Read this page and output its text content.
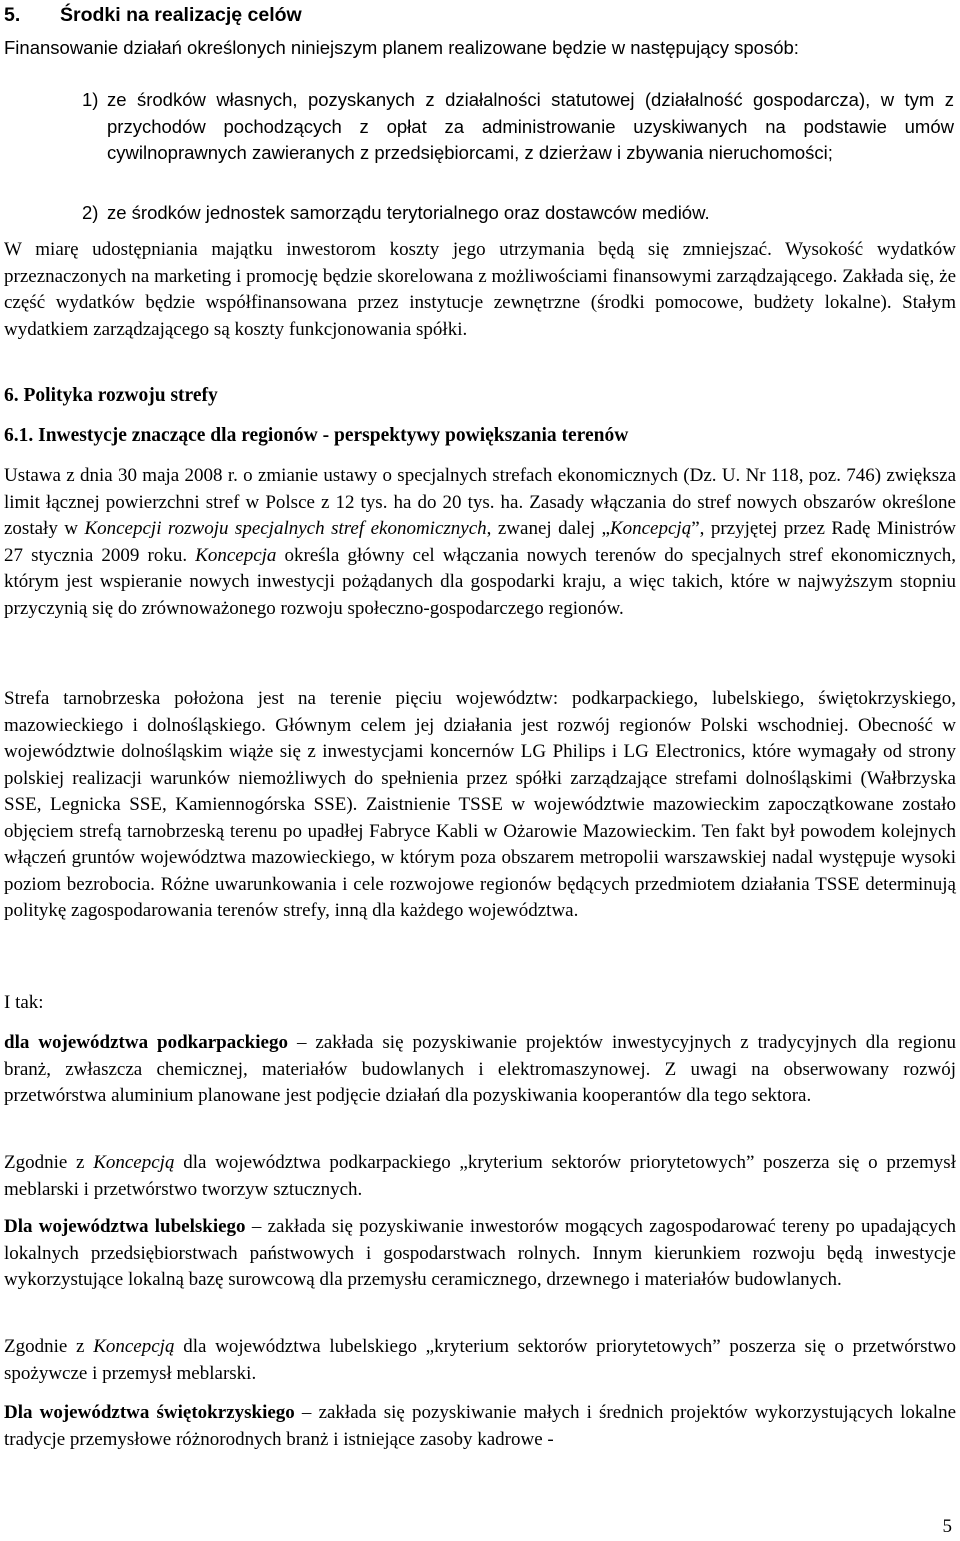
5. Środki na realizację celów
Finansowanie działań określonych niniejszym planem realizowane będzie w następujący sposób:
1) ze środków własnych, pozyskanych z działalności statutowej (działalność gospodarcza), w tym z przychodów pochodzących z opłat za administrowanie uzyskiwanych na podstawie umów cywilnoprawnych zawieranych z przedsiębiorcami, z dzierżaw i zbywania nieruchomości;
2) ze środków jednostek samorządu terytorialnego oraz dostawców mediów.
W miarę udostępniania majątku inwestorom koszty jego utrzymania będą się zmniejszać. Wysokość wydatków przeznaczonych na marketing i promocję będzie skorelowana z możliwościami finansowymi zarządzającego. Zakłada się, że część wydatków będzie współfinansowana przez instytucje zewnętrzne (środki pomocowe, budżety lokalne). Stałym wydatkiem zarządzającego są koszty funkcjonowania spółki.
6. Polityka rozwoju strefy
6.1. Inwestycje znaczące dla regionów - perspektywy powiększania terenów

Ustawa z dnia 30 maja 2008 r. o zmianie ustawy o specjalnych strefach ekonomicznych (Dz. U. Nr 118, poz. 746) zwiększa limit łącznej powierzchni stref w Polsce z 12 tys. ha do 20 tys. ha. Zasady włączania do stref nowych obszarów określone zostały w Koncepcji rozwoju specjalnych stref ekonomicznych, zwanej dalej „Koncepcją”, przyjętej przez Radę Ministrów 27 stycznia 2009 roku. Koncepcja określa główny cel włączania nowych terenów do specjalnych stref ekonomicznych, którym jest wspieranie nowych inwestycji pożądanych dla gospodarki kraju, a więc takich, które w najwyższym stopniu przyczynią się do zrównoważonego rozwoju społeczno-gospodarczego regionów.

Strefa tarnobrzeska położona jest na terenie pięciu województw: podkarpackiego, lubelskiego, świętokrzyskiego, mazowieckiego i dolnośląskiego. Głównym celem jej działania jest rozwój regionów Polski wschodniej. Obecność w województwie dolnośląskim wiąże się z inwestycjami koncernów LG Philips i LG Electronics, które wymagały od strony polskiej realizacji warunków niemożliwych do spełnienia przez spółki zarządzające strefami dolnośląskimi (Wałbrzyska SSE, Legnicka SSE, Kamiennogórska SSE). Zaistnienie TSSE w województwie mazowieckim zapoczątkowane zostało objęciem strefą tarnobrzeską terenu po upadłej Fabryce Kabli w Ożarowie Mazowieckim. Ten fakt był powodem kolejnych włączeń gruntów województwa mazowieckiego, w którym poza obszarem metropolii warszawskiej nadal występuje wysoki poziom bezrobocia. Różne uwarunkowania i cele rozwojowe regionów będących przedmiotem działania TSSE determinują politykę zagospodarowania terenów strefy, inną dla każdego województwa.
I tak:

dla województwa podkarpackiego – zakłada się pozyskiwanie projektów inwestycyjnych z tradycyjnych dla regionu branż, zwłaszcza chemicznej, materiałów budowlanych i elektromaszynowej. Z uwagi na obserwowany rozwój przetwórstwa aluminium planowane jest podjęcie działań dla pozyskiwania kooperantów dla tego sektora.

Zgodnie z Koncepcją dla województwa podkarpackiego „kryterium sektorów priorytetowych” poszerza się o przemysł meblarski i przetwórstwo tworzyw sztucznych.

Dla województwa lubelskiego – zakłada się pozyskiwanie inwestorów mogących zagospodarować tereny po upadających lokalnych przedsiębiorstwach państwowych i gospodarstwach rolnych. Innym kierunkiem rozwoju będą inwestycje wykorzystujące lokalną bazę surowcową dla przemysłu ceramicznego, drzewnego i materiałów budowlanych.

Zgodnie z Koncepcją dla województwa lubelskiego „kryterium sektorów priorytetowych” poszerza się o przetwórstwo spożywcze i przemysł meblarski.

Dla województwa świętokrzyskiego – zakłada się pozyskiwanie małych i średnich projektów wykorzystujących lokalne tradycje przemysłowe różnorodnych branż i istniejące zasoby kadrowe -

5
